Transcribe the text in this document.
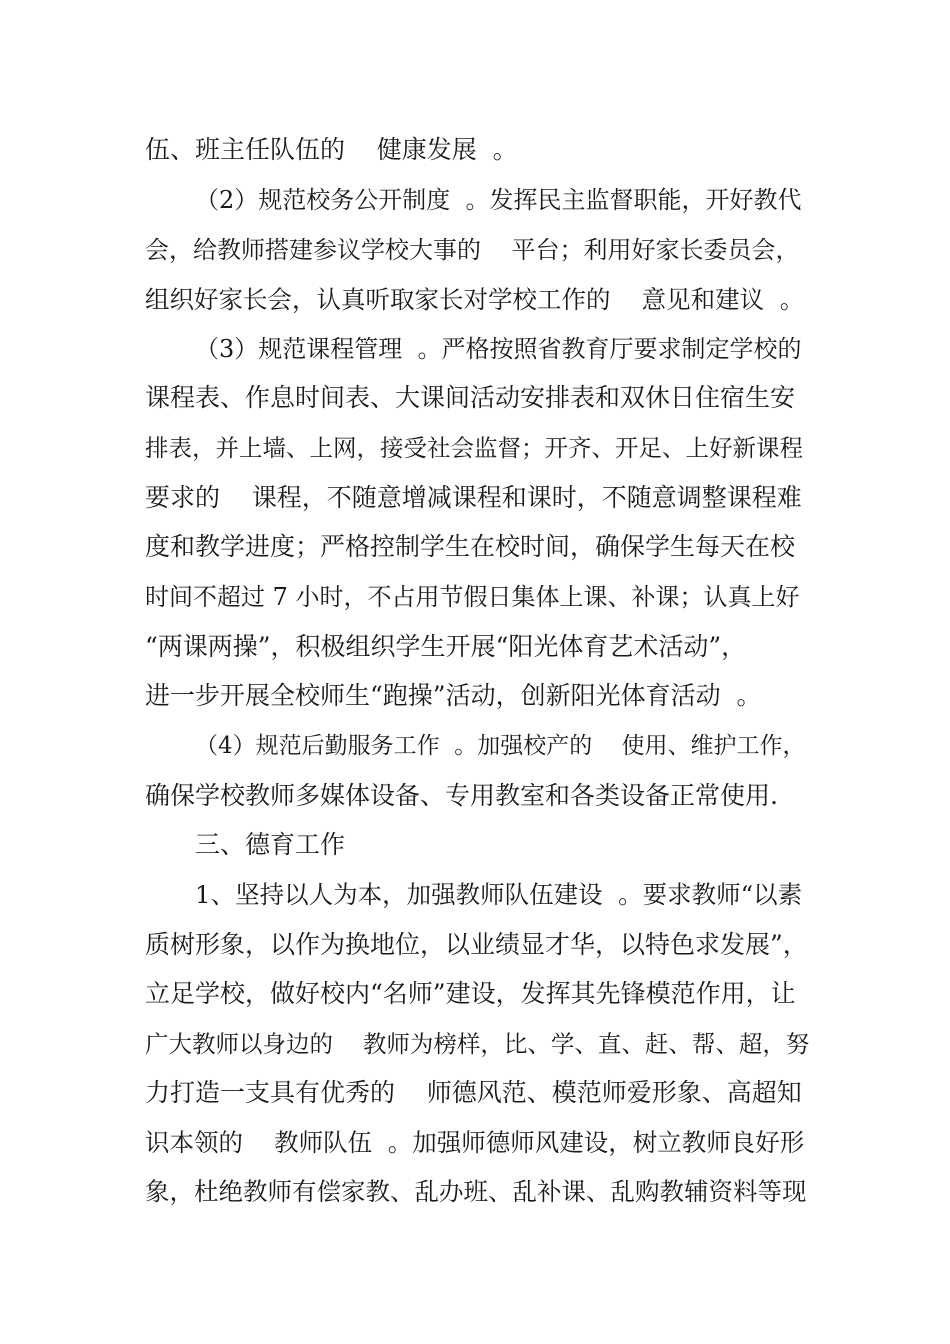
伍、班主任队伍的    健康发展  。
（2）规范校务公开制度  。发挥民主监督职能，开好教代
会，给教师搭建参议学校大事的    平台；利用好家长委员会，
组织好家长会，认真听取家长对学校工作的    意见和建议  。
（3）规范课程管理  。严格按照省教育厅要求制定学校的
课程表、作息时间表、大课间活动安排表和双休日住宿生安
排表，并上墙、上网，接受社会监督；开齐、开足、上好新课程
要求的    课程，不随意增减课程和课时，不随意调整课程难
度和教学进度；严格控制学生在校时间，确保学生每天在校
时间不超过 7 小时，不占用节假日集体上课、补课；认真上好
“两课两操”，积极组织学生开展“阳光体育艺术活动”，
进一步开展全校师生“跑操”活动，创新阳光体育活动  。
（4）规范后勤服务工作  。加强校产的    使用、维护工作，
确保学校教师多媒体设备、专用教室和各类设备正常使用.
三、德育工作
1、坚持以人为本，加强教师队伍建设  。要求教师“以素
质树形象，以作为换地位，以业绩显才华，以特色求发展”，
立足学校，做好校内“名师”建设，发挥其先锋模范作用，让
广大教师以身边的    教师为榜样，比、学、直、赶、帮、超，努
力打造一支具有优秀的    师德风范、模范师爱形象、高超知
识本领的    教师队伍  。加强师德师风建设，树立教师良好形
象，杜绝教师有偿家教、乱办班、乱补课、乱购教辅资料等现
